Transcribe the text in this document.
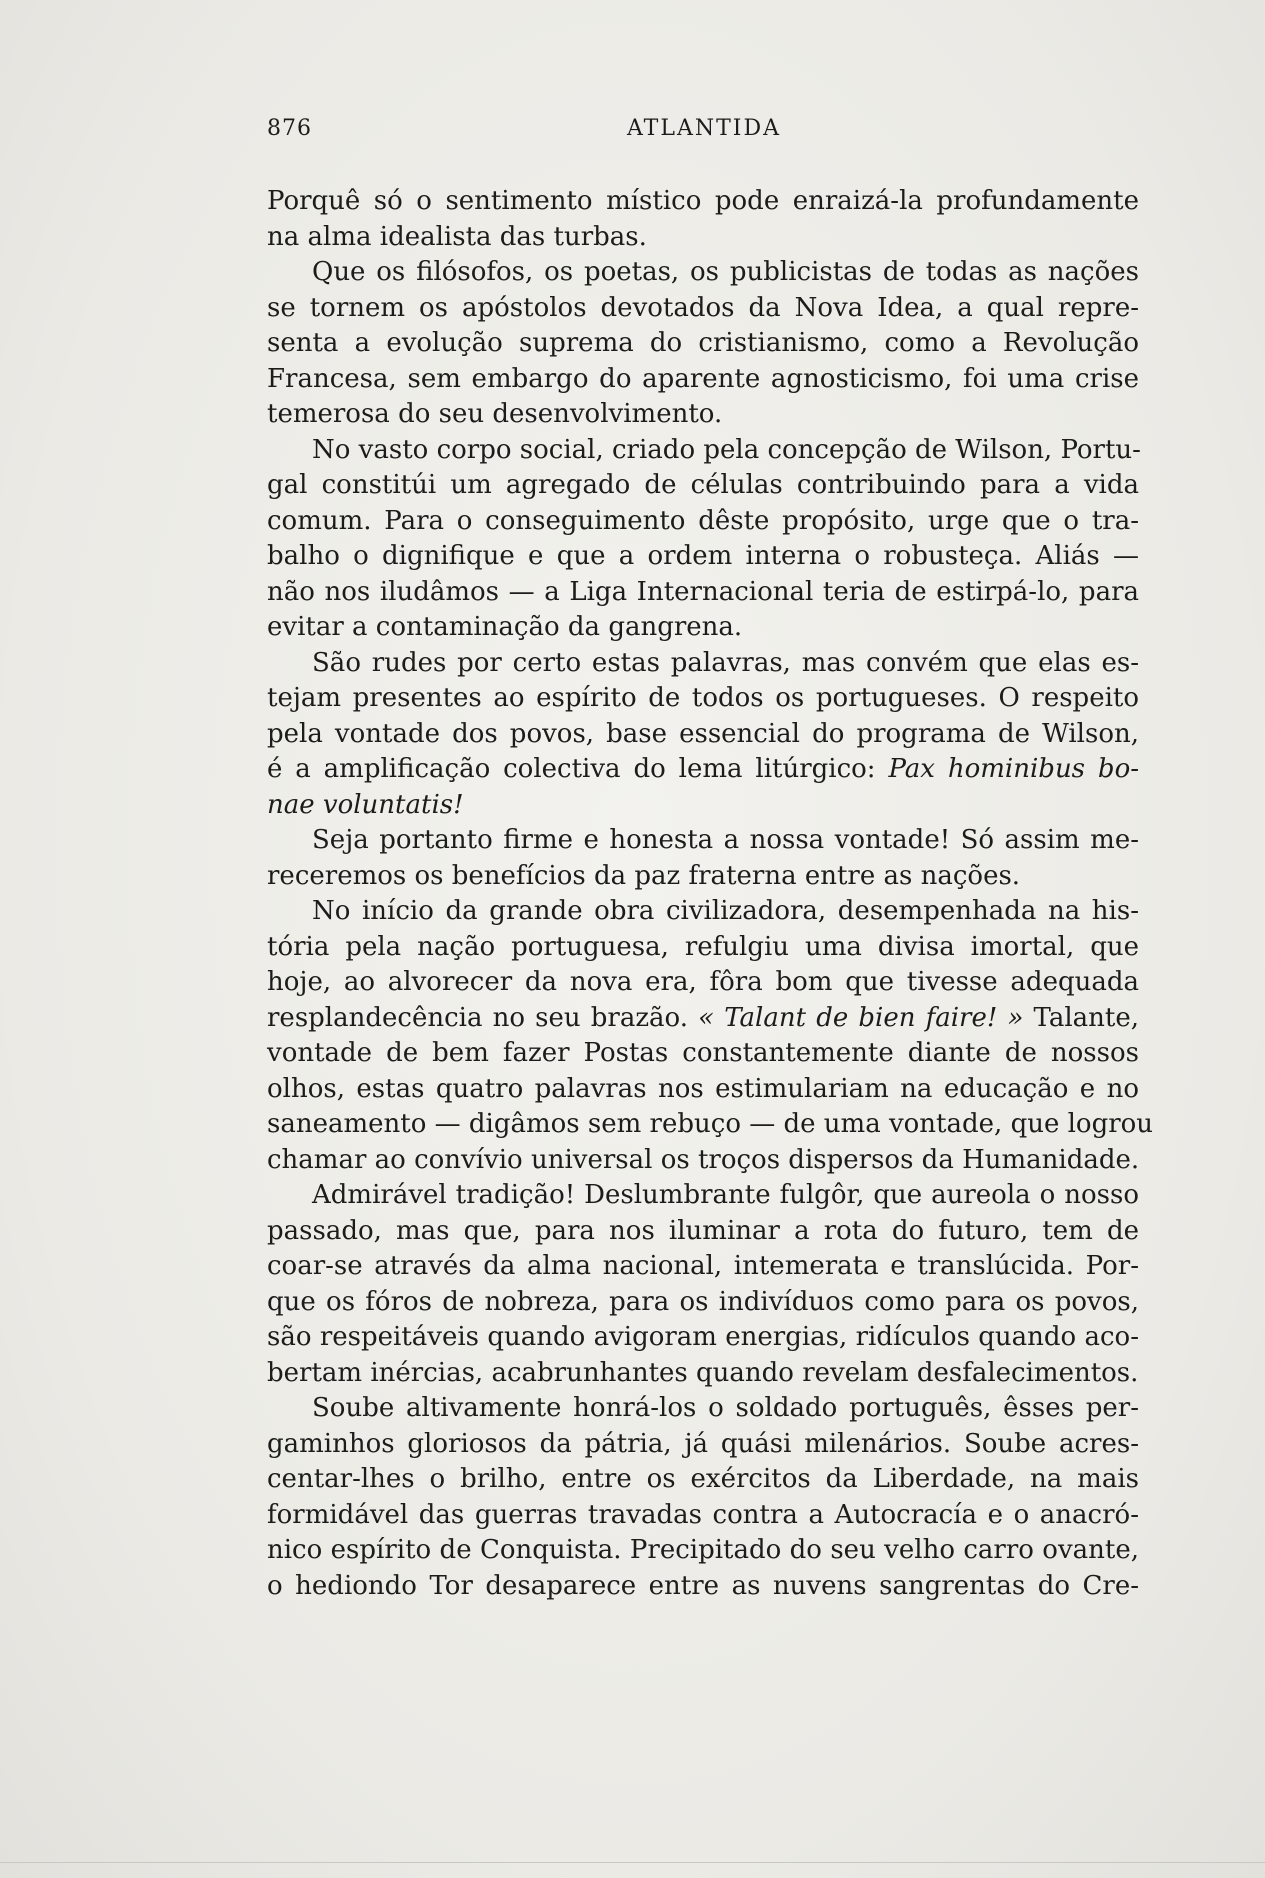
876	ATLANTIDA
Porquê só o sentimento místico pode enraizá-la profundamente
na alma idealista das turbas.
Que os filósofos, os poetas, os publicistas de todas as nações
se tornem os apóstolos devotados da Nova Idea, a qual repre-
senta a evolução suprema do cristianismo, como a Revolução
Francesa, sem embargo do aparente agnosticismo, foi uma crise
temerosa do seu desenvolvimento.
No vasto corpo social, criado pela concepção de Wilson, Portu-
gal constitúi um agregado de células contribuindo para a vida
comum. Para o conseguimento dêste propósito, urge que o tra-
balho o dignifique e que a ordem interna o robusteça. Aliás —
não nos iludâmos — a Liga Internacional teria de estirpá-lo, para
evitar a contaminação da gangrena.
São rudes por certo estas palavras, mas convém que elas es-
tejam presentes ao espírito de todos os portugueses. O respeito
pela vontade dos povos, base essencial do programa de Wilson,
é a amplificação colectiva do lema litúrgico: Pax hominibus bo-
nae voluntatis!
Seja portanto firme e honesta a nossa vontade! Só assim me-
receremos os benefícios da paz fraterna entre as nações.
No início da grande obra civilizadora, desempenhada na his-
tória pela nação portuguesa, refulgiu uma divisa imortal, que
hoje, ao alvorecer da nova era, fôra bom que tivesse adequada
resplandecência no seu brazão. « Talant de bien faire! » Talante,
vontade de bem fazer Postas constantemente diante de nossos
olhos, estas quatro palavras nos estimulariam na educação e no
saneamento — digâmos sem rebuço — de uma vontade, que logrou
chamar ao convívio universal os troços dispersos da Humanidade.
Admirável tradição! Deslumbrante fulgôr, que aureola o nosso
passado, mas que, para nos iluminar a rota do futuro, tem de
coar-se através da alma nacional, intemerata e translúcida. Por-
que os fóros de nobreza, para os indivíduos como para os povos,
são respeitáveis quando avigoram energias, ridículos quando aco-
bertam inércias, acabrunhantes quando revelam desfalecimentos.
Soube altivamente honrá-los o soldado português, êsses per-
gaminhos gloriosos da pátria, já quási milenários. Soube acres-
centar-lhes o brilho, entre os exércitos da Liberdade, na mais
formidável das guerras travadas contra a Autocracía e o anacró-
nico espírito de Conquista. Precipitado do seu velho carro ovante,
o hediondo Tor desaparece entre as nuvens sangrentas do Cre-
